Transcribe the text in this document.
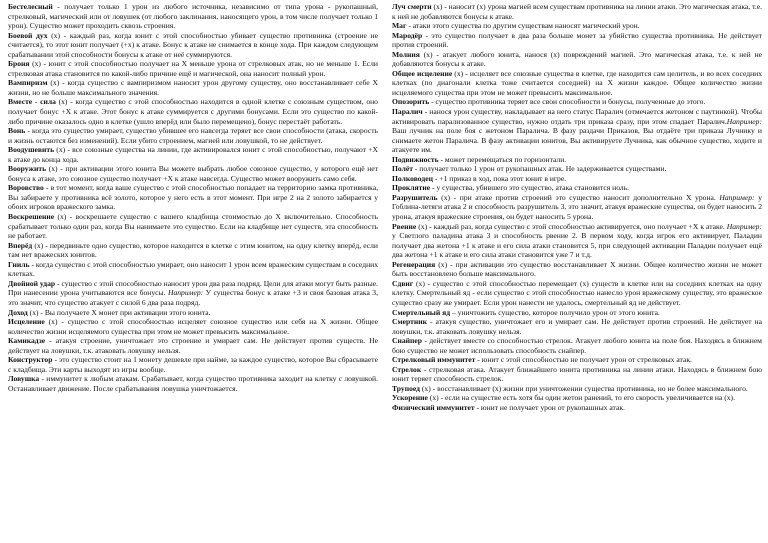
Бестелесный - получает только 1 урон из любого источника, независимо от типа урона - рукопашный, стрелковый, магический или от ловушек (от любого заклинания, наносящего урон, в том числе получает только 1 урон). Существо может проходить сквозь строения.

Боевой дух (х) - каждый раз, когда юнит с этой способностью убивает существо противника (строение не считается), то этот юнит получает (+х) к атаке. Бонус к атаке не снимается в конце хода. При каждом следующем срабатывании этой способности бонусы к атаке от неё суммируются.

Броня (х) - юнит с этой способностью получает на Х меньше урона от стрелковых атак, но не меньше 1. Если стрелковая атака становится по какой-либо причине ещё и магической, она наносит полный урон.

Вампиризм (х) - когда существо с вампиризмом наносит урон другому существу, оно восстанавливает себе Х жизни, но не больше максимального значения.

Вместе - сила (х) - когда существо с этой способностью находится в одной клетке с союзным существом, оно получает бонус +Х к атаке. Этот бонус к атаке суммируется с другими бонусами. Если это существо по какой-либо причине оказалось одно в клетке (ушло вперёд или было перемещено), бонус перестаёт работать.

Вонь - когда это существо умирает, существо убившее его навсегда теряет все свои способности (атака, скорость и жизнь остаются без изменений). Если убито строением, магией или ловушкой, то не действует.

Воодушевить (х) - все союзные существа на линии, где активировался юнит с этой способностью, получают +Х к атаке до конца хода.

Вооружить (х) - при активации этого юнита Вы можете выбрать любое союзное существо, у которого ещё нет бонуса к атаке, это союзное существо получает +Х к атаке навсегда. Существо может вооружить само себя.

Воровство - в тот момент, когда ваше существо с этой способностью попадает на территорию замка противника, Вы забираете у противника всё золото, которое у него есть в этот момент. При игре 2 на 2 золото забирается у обоих игроков вражеского замка.

Воскрешение (х) - воскрешаете существо с вашего кладбища стоимостью до Х включительно. Способность срабатывает только один раз, когда Вы нанимаете это существо. Если на кладбище нет существ, эта способность не работает.

Вперёд (х) - передвиньте одно существо, которое находится в клетке с этим юнитом, на одну клетку вперёд, если там нет вражеских юнитов.

Гниль - когда существо с этой способностью умирает, оно наносит 1 урон всем вражеским существам в соседних клетках.

Двойной удар - существо с этой способностью наносит урон два раза подряд. Цели для атаки могут быть разные. При нанесении урона учитываются все бонусы. Например: У существа бонус к атаке +3 и своя базовая атака 3, это значит, что существо атакует с силой 6 два раза подряд.

Доход (х) - Вы получаете Х монет при активации этого юнита.

Исцеление (х) - существо с этой способностью исцеляет союзное существо или себя на Х жизни. Общее количество жизни исцеляемого существа при этом не может превысить максимальное.

Камикадзе - атакуя строение, уничтожает это строение и умирает сам. Не действует против существ. Не действует на ловушки, т.к. атаковать ловушку нельзя.

Конструктор - это существо стоит на 1 монету дешевле при найме, за каждое существо, которое Вы сбрасываете с кладбища. Эти карты выходят из игры вообще.

Ловушка - иммунитет к любым атакам. Срабатывает, когда существо противника заходит на клетку с ловушкой. Останавливает движение. После срабатывания ловушка уничтожается.

Луч смерти (х) - наносит (х) урона магией всем существам противника на линии атаки. Это магическая атака, т.е. к ней не добавляются бонусы к атаке.

Маг - атаки этого существа по другим существам наносят магический урон.

Мародёр - это существо получает в два раза больше монет за убийство существа противника. Не действует против строений.

Молния (х) - атакует любого юнита, нанося (х) повреждений магией. Это магическая атака, т.е. к ней не добавляются бонусы к атаке.

Общее исцеление (х) - исцеляет все союзные существа в клетке, где находится сам целитель, и во всех соседних клетках (по диагонали клетка тоже считается соседней) на Х жизни каждое. Общее количество жизни исцеляемого существа при этом не может превысить максимальное.

Опозорить - существо противника теряет все свои способности и бонусы, полученные до этого.

Паралич - нанося урон существу, накладывает на него статус Паралич (отмечается жетоном с паутинкой). Чтобы активировать парализованное существо, нужно отдать три приказа сразу, при этом спадает Паралич.Например: Ваш лучник на поле боя с жетоном Паралича. В фазу раздачи Приказов, Вы отдаёте три приказа Лучнику и снимаете жетон Паралича. В фазу активации юнитов, Вы активируете Лучника, как обычное существо, ходите и атакуете им.

Подвижность - может перемещаться по горизонтали.

Полёт - получает только 1 урон от рукопашных атак. Не задерживается существами.

Полководец - +1 приказ в ход, пока этот юнит в игре.

Проклятие - у существа, убившего это существо, атака становится ноль.

Разрушитель (х) - при атаке против строений это существо наносит дополнительно Х урона. Например: у Гоблина-летяги атака 2 и способность разрушитель 3, это значит, атакуя вражеские существа, он будет наносить 2 урона, атакуя вражеские строения, он будет наносить 5 урона.

Рвение (х) - каждый раз, когда существо с этой способностью активируется, оно получает +Х к атаке. Например: у Светлого паладина атака 3 и способность рвение 2. В первом ходу, когда игрок его активирует, Паладин получает два жетона +1 к атаке и его сила атаки становится 5, при следующей активации Паладин получает ещё два жетона +1 к атаке и его сила атаки становится уже 7 и т.д.

Регенерация (х) - при активации это существо восстанавливает Х жизни. Общее количество жизни не может быть восстановлено больше максимального.

Сдвиг (х) - существо с этой способностью перемещает (х) существ в клетке или на соседних клетках на одну клетку. Смертельный яд - если существо с этой способностью нанесло урон вражескому существу, это вражеское существо сразу же умирает. Если урон нанести не удалось, смертельный яд не действует.

Смертельный яд – уничтожить существо, которое получило урон от этого юнита.

Смертник - атакуя существо, уничтожает его и умирает сам. Не действует против строений. Не действует на ловушки, т.к. атаковать ловушку нельзя.

Снайпер - действует вместе со способностью стрелок. Атакует любого юнита на поле боя. Находясь в ближнем бою существо не может использовать способность снайпер.

Стрелковый иммунитет - юнит с этой способностью не получает урон от стрелковых атак.

Стрелок - стрелковая атака. Атакует ближайшего юнита противника на линии атаки. Находясь в ближнем бою юнит теряет способность стрелок.

Трупоед (х) - восстанавливает (х) жизни при уничтожении существа противника, но не более максимального.

Ускорение (х) - если на существе есть хотя бы один жетон ранений, то его скорость увеличивается на (х).

Физический иммунитет - юнит не получает урон от рукопашных атак.
